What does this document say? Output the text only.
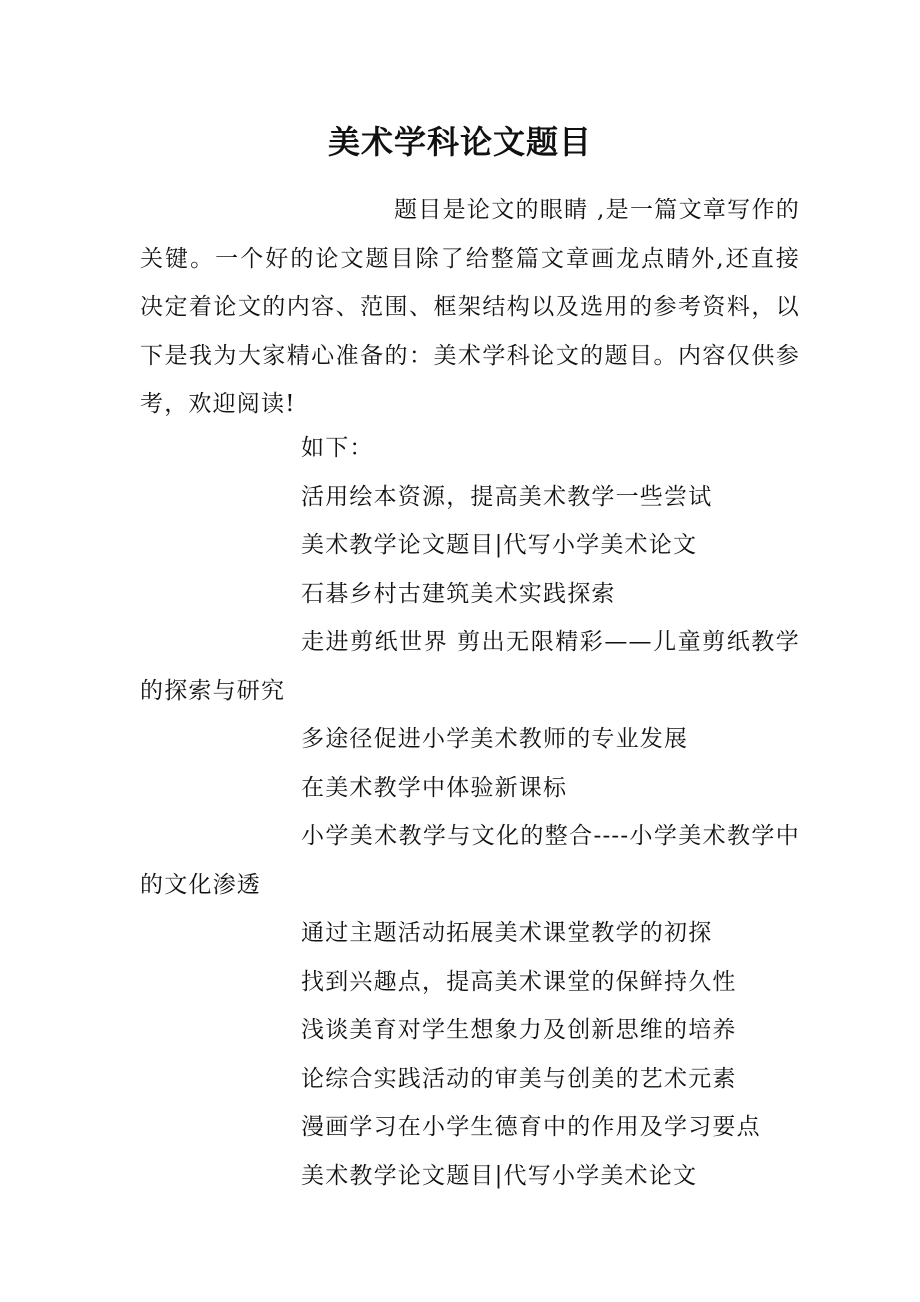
美术学科论文题目

题目是论文的眼睛 ,是一篇文章写作的关键。一个好的论文题目除了给整篇文章画龙点睛外,还直接决定着论文的内容、范围、框架结构以及选用的参考资料，以下是我为大家精心准备的：美术学科论文的题目。内容仅供参考，欢迎阅读!

如下：
活用绘本资源，提高美术教学一些尝试
美术教学论文题目|代写小学美术论文
石碁乡村古建筑美术实践探索
走进剪纸世界 剪出无限精彩——儿童剪纸教学的探索与研究
多途径促进小学美术教师的专业发展
在美术教学中体验新课标
小学美术教学与文化的整合----小学美术教学中的文化渗透
通过主题活动拓展美术课堂教学的初探
找到兴趣点，提高美术课堂的保鲜持久性
浅谈美育对学生想象力及创新思维的培养
论综合实践活动的审美与创美的艺术元素
漫画学习在小学生德育中的作用及学习要点
美术教学论文题目|代写小学美术论文
